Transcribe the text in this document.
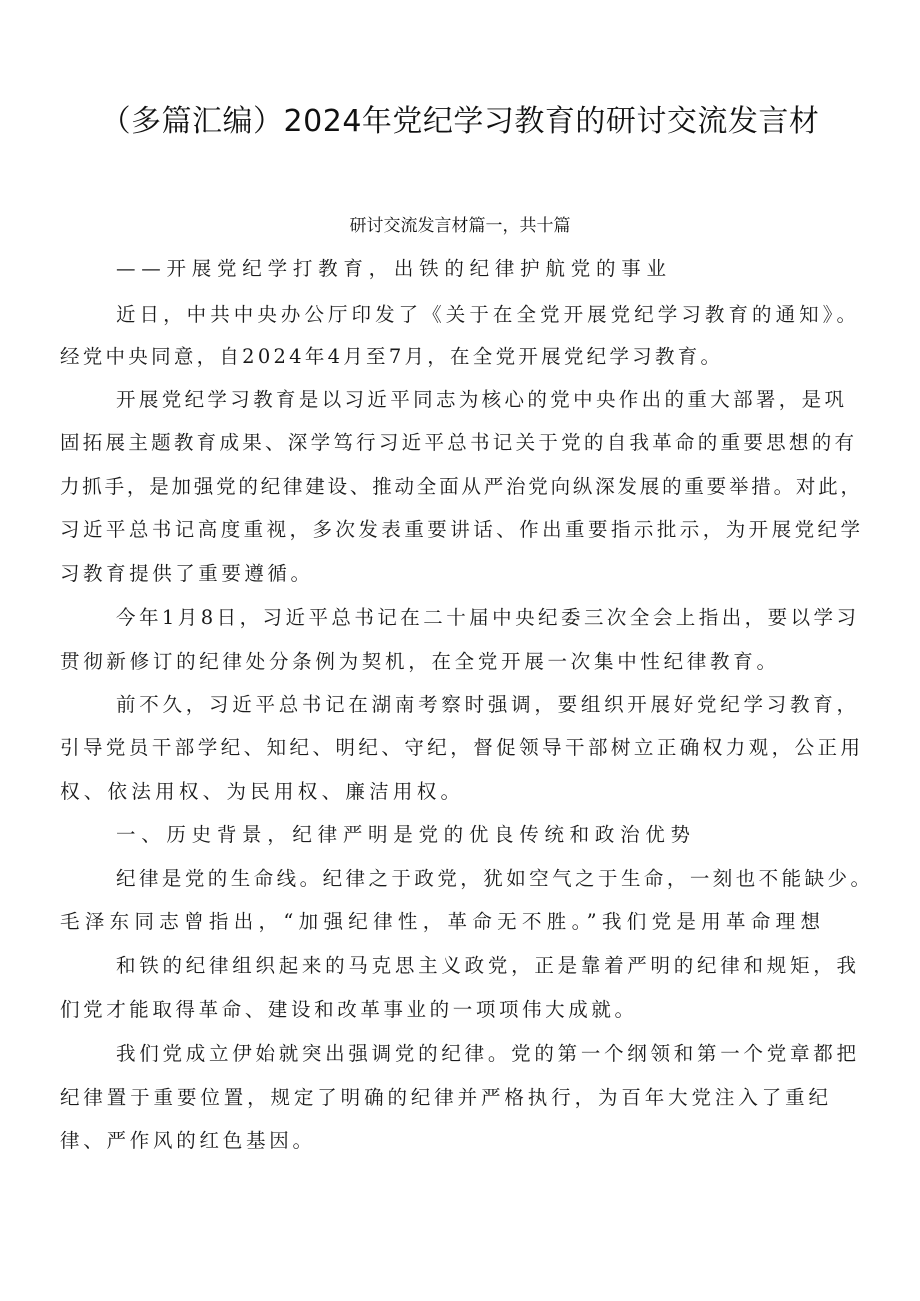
（多篇汇编）2024年党纪学习教育的研讨交流发言材
研讨交流发言材篇一，共十篇
——开展党纪学打教育，出铁的纪律护航党的事业
近日，中共中央办公厅印发了《关于在全党开展党纪学习教育的通知》。
经党中央同意，自2024年4月至7月，在全党开展党纪学习教育。
开展党纪学习教育是以习近平同志为核心的党中央作出的重大部署，是巩
固拓展主题教育成果、深学笃行习近平总书记关于党的自我革命的重要思想的有
力抓手，是加强党的纪律建设、推动全面从严治党向纵深发展的重要举措。对此，
习近平总书记高度重视，多次发表重要讲话、作出重要指示批示，为开展党纪学
习教育提供了重要遵循。
今年1月8日，习近平总书记在二十届中央纪委三次全会上指出，要以学习
贯彻新修订的纪律处分条例为契机，在全党开展一次集中性纪律教育。
前不久，习近平总书记在湖南考察时强调，要组织开展好党纪学习教育，
引导党员干部学纪、知纪、明纪、守纪，督促领导干部树立正确权力观，公正用
权、依法用权、为民用权、廉洁用权。
一、历史背景，纪律严明是党的优良传统和政治优势
纪律是党的生命线。纪律之于政党，犹如空气之于生命，一刻也不能缺少。
毛泽东同志曾指出，“加强纪律性，革命无不胜。”我们党是用革命理想
和铁的纪律组织起来的马克思主义政党，正是靠着严明的纪律和规矩，我
们党才能取得革命、建设和改革事业的一项项伟大成就。
我们党成立伊始就突出强调党的纪律。党的第一个纲领和第一个党章都把
纪律置于重要位置，规定了明确的纪律并严格执行，为百年大党注入了重纪
律、严作风的红色基因。
